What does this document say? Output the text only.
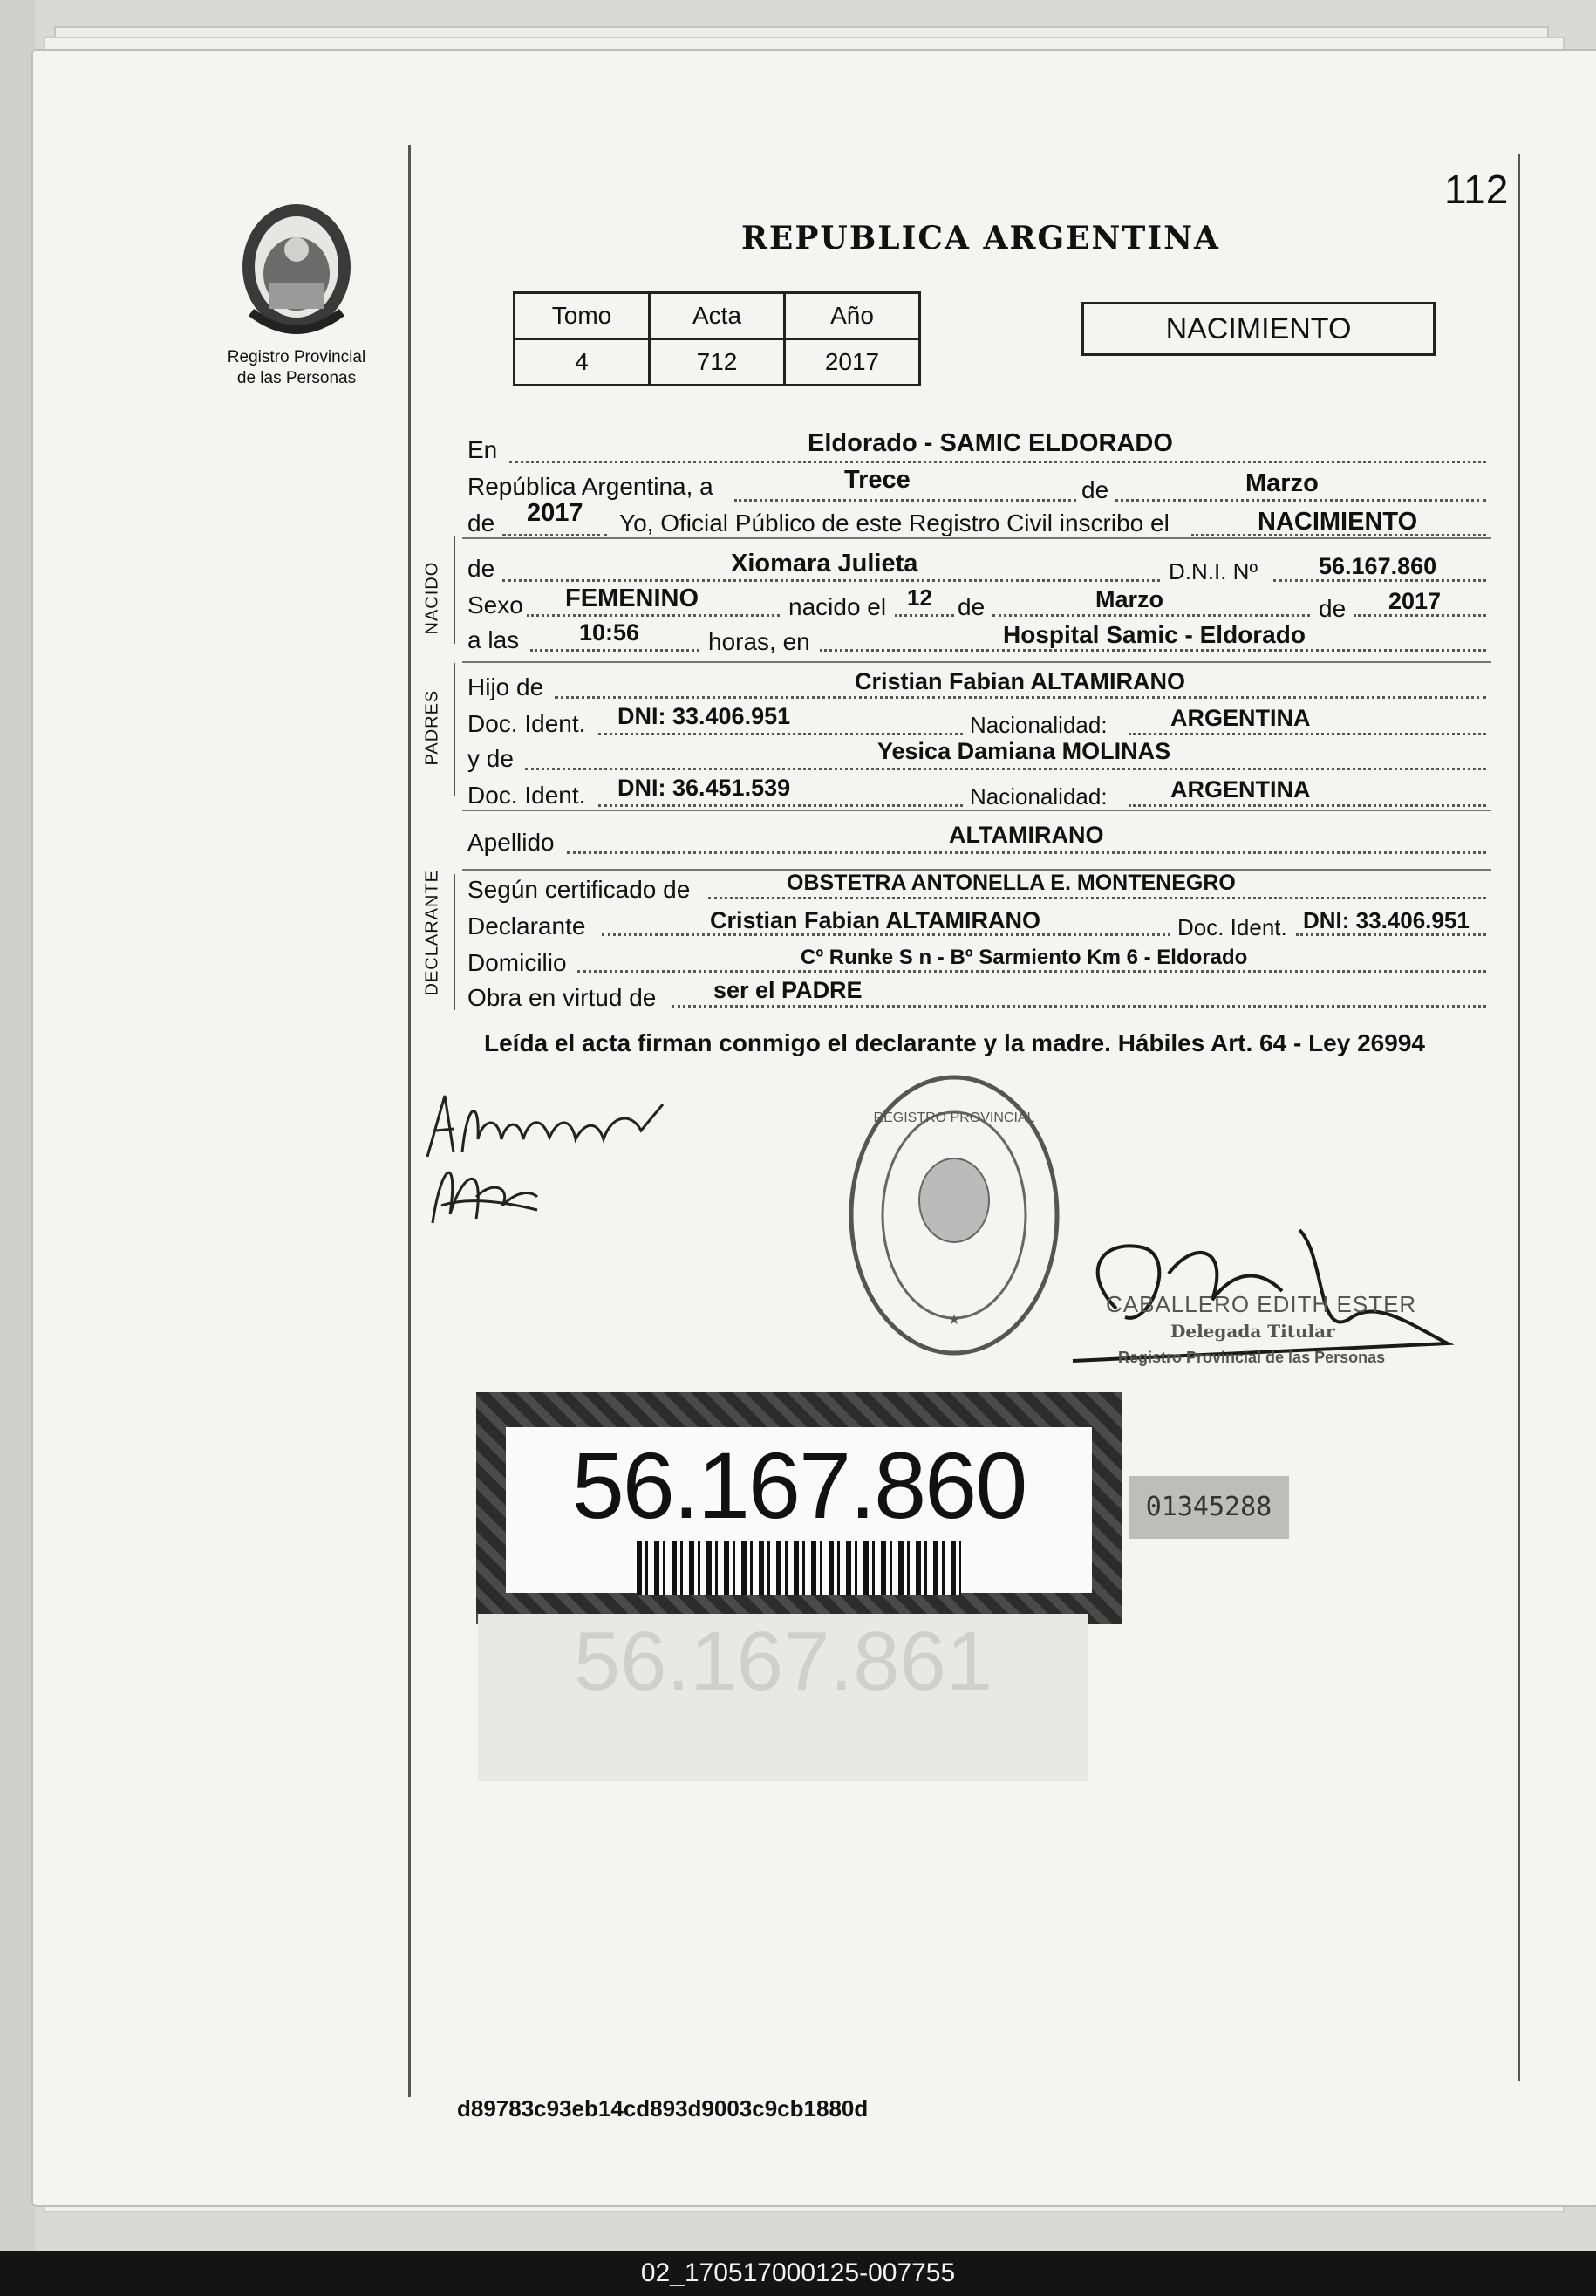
Registro Provincial
de las Personas
112
REPUBLICA ARGENTINA
Tomo	Acta	Año
4	712	2017
NACIMIENTO
NACIDO
PADRES
DECLARANTE
En	Eldorado - SAMIC ELDORADO
República Argentina, a	Trece	de	Marzo
de 2017 Yo, Oficial Público de este Registro Civil inscribo el	NACIMIENTO
de	Xiomara Julieta	D.N.I. Nº	56.167.860
Sexo FEMENINO	nacido el 12 de	Marzo	de 2017
a las	10:56	horas, en	Hospital Samic - Eldorado
Hijo de	Cristian Fabian ALTAMIRANO
Doc. Ident. DNI: 33.406.951	Nacionalidad:	ARGENTINA
y de	Yesica Damiana MOLINAS
Doc. Ident. DNI: 36.451.539	Nacionalidad:	ARGENTINA
Apellido	ALTAMIRANO
Según certificado de	OBSTETRA ANTONELLA E. MONTENEGRO
Declarante	Cristian Fabian ALTAMIRANO	Doc. Ident. DNI: 33.406.951
Domicilio	Cº Runke S n - Bº Sarmiento Km 6 - Eldorado
Obra en virtud de ser el PADRE
Leída el acta firman conmigo el declarante y la madre. Hábiles Art. 64 - Ley 26994
REGISTRO PROVINCIAL
★
CABALLERO EDITH ESTER
Delegada Titular
Registro Provincial de las Personas
56.167.860	01345288
56.167.861
d89783c93eb14cd893d9003c9cb1880d
02_170517000125-007755
